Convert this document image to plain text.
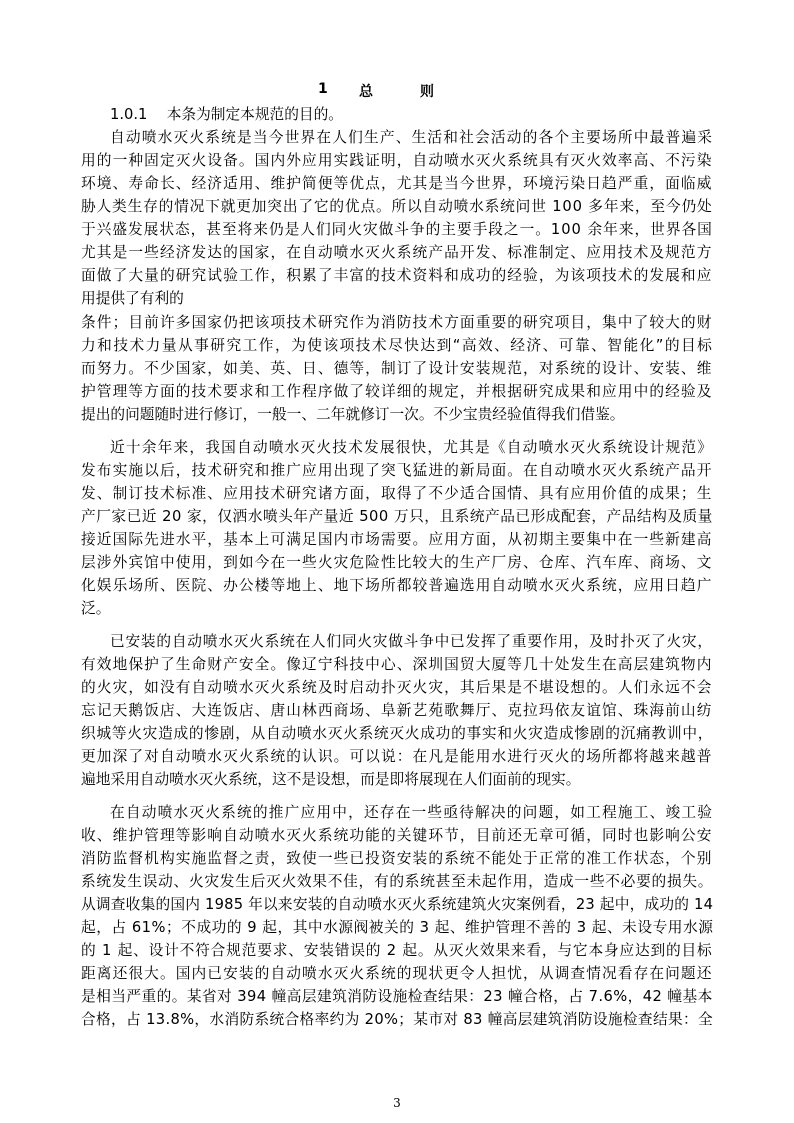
1 总	则
1.0.1　 本条为制定本规范的目的。
自动喷水灭火系统是当今世界在人们生产、生活和社会活动的各个主要场所中最普遍采
用的一种固定灭火设备。国内外应用实践证明，自动喷水灭火系统具有灭火效率高、不污染
环境、寿命长、经济适用、维护简便等优点，尤其是当今世界，环境污染日趋严重，面临威
胁人类生存的情况下就更加突出了它的优点。所以自动喷水系统问世 100 多年来，至今仍处
于兴盛发展状态，甚至将来仍是人们同火灾做斗争的主要手段之一。100 余年来，世界各国
尤其是一些经济发达的国家，在自动喷水灭火系统产品开发、标准制定、应用技术及规范方
面做了大量的研究试验工作，积累了丰富的技术资料和成功的经验，为该项技术的发展和应
用提供了有利的
条件；目前许多国家仍把该项技术研究作为消防技术方面重要的研究项目，集中了较大的财
力和技术力量从事研究工作，为使该项技术尽快达到“高效、经济、可靠、智能化”的目标
而努力。不少国家，如美、英、日、德等，制订了设计安装规范，对系统的设计、安装、维
护管理等方面的技术要求和工作程序做了较详细的规定，并根据研究成果和应用中的经验及
提出的问题随时进行修订，一般一、二年就修订一次。不少宝贵经验值得我们借鉴。
近十余年来，我国自动喷水灭火技术发展很快，尤其是《自动喷水灭火系统设计规范》
发布实施以后，技术研究和推广应用出现了突飞猛进的新局面。在自动喷水灭火系统产品开
发、制订技术标准、应用技术研究诸方面，取得了不少适合国情、具有应用价值的成果；生
产厂家已近 20 家，仅洒水喷头年产量近 500 万只，且系统产品已形成配套，产品结构及质量
接近国际先进水平，基本上可满足国内市场需要。应用方面，从初期主要集中在一些新建高
层涉外宾馆中使用，到如今在一些火灾危险性比较大的生产厂房、仓库、汽车库、商场、文
化娱乐场所、医院、办公楼等地上、地下场所都较普遍选用自动喷水灭火系统，应用日趋广
泛。
已安装的自动喷水灭火系统在人们同火灾做斗争中已发挥了重要作用，及时扑灭了火灾，
有效地保护了生命财产安全。像辽宁科技中心、深圳国贸大厦等几十处发生在高层建筑物内
的火灾，如没有自动喷水灭火系统及时启动扑灭火灾，其后果是不堪设想的。人们永远不会
忘记天鹅饭店、大连饭店、唐山林西商场、阜新艺苑歌舞厅、克拉玛依友谊馆、珠海前山纺
织城等火灾造成的惨剧，从自动喷水灭火系统灭火成功的事实和火灾造成惨剧的沉痛教训中，
更加深了对自动喷水灭火系统的认识。可以说：在凡是能用水进行灭火的场所都将越来越普
遍地采用自动喷水灭火系统，这不是设想，而是即将展现在人们面前的现实。
在自动喷水灭火系统的推广应用中，还存在一些亟待解决的问题，如工程施工、竣工验
收、维护管理等影响自动喷水灭火系统功能的关键环节，目前还无章可循，同时也影响公安
消防监督机构实施监督之责，致使一些已投资安装的系统不能处于正常的准工作状态，个别
系统发生误动、火灾发生后灭火效果不佳，有的系统甚至未起作用，造成一些不必要的损失。
从调查收集的国内 1985 年以来安装的自动喷水灭火系统建筑火灾案例看，23 起中，成功的 14
起，占 61%；不成功的 9 起，其中水源阀被关的 3 起、维护管理不善的 3 起、未设专用水源
的 1 起、设计不符合规范要求、安装错误的 2 起。从灭火效果来看，与它本身应达到的目标
距离还很大。国内已安装的自动喷水灭火系统的现状更令人担忧，从调查情况看存在问题还
是相当严重的。某省对 394 幢高层建筑消防设施检查结果：23 幢合格，占 7.6%，42 幢基本
合格，占 13.8%，水消防系统合格率约为 20%；某市对 83 幢高层建筑消防设施检查结果：全
3
